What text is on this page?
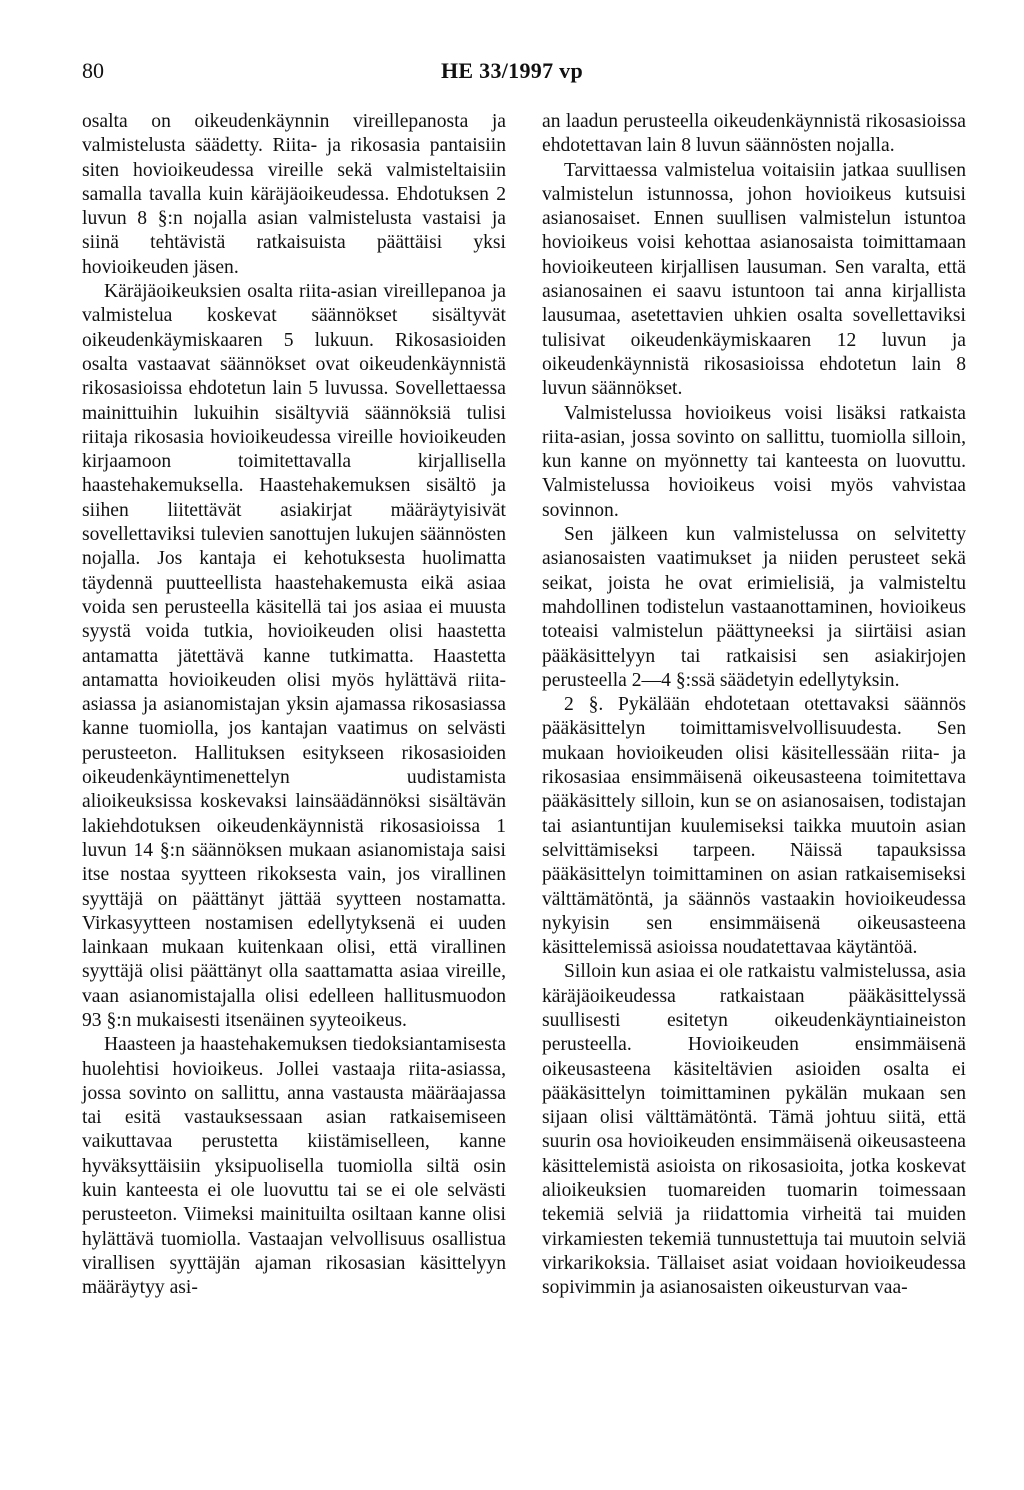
80	HE 33/1997 vp

osalta on oikeudenkäynnin vireillepanosta ja valmistelusta säädetty. Riita- ja rikosasia pantaisiin siten hovioikeudessa vireille sekä valmisteltaisiin samalla tavalla kuin käräjäoikeudessa. Ehdotuksen 2 luvun 8 §:n nojalla asian valmistelusta vastaisi ja siinä tehtävistä ratkaisuista päättäisi yksi hovioikeuden jäsen.

Käräjäoikeuksien osalta riita-asian vireillepanoa ja valmistelua koskevat säännökset sisältyvät oikeudenkäymiskaaren 5 lukuun. Rikosasioiden osalta vastaavat säännökset ovat oikeudenkäynnistä rikosasioissa ehdotetun lain 5 luvussa. Sovellettaessa mainittuihin lukuihin sisältyviä säännöksiä tulisi riitaja rikosasia hovioikeudessa vireille hovioikeuden kirjaamoon toimitettavalla kirjallisella haastehakemuksella. Haastehakemuksen sisältö ja siihen liitettävät asiakirjat määräytyisivät sovellettaviksi tulevien sanottujen lukujen säännösten nojalla. Jos kantaja ei kehotuksesta huolimatta täydennä puutteellista haastehakemusta eikä asiaa voida sen perusteella käsitellä tai jos asiaa ei muusta syystä voida tutkia, hovioikeuden olisi haastetta antamatta jätettävä kanne tutkimatta. Haastetta antamatta hovioikeuden olisi myös hylättävä riita-asiassa ja asianomistajan yksin ajamassa rikosasiassa kanne tuomiolla, jos kantajan vaatimus on selvästi perusteeton. Hallituksen esitykseen rikosasioiden oikeudenkäyntimenettelyn uudistamista alioikeuksissa koskevaksi lainsäädännöksi sisältävän lakiehdotuksen oikeudenkäynnistä rikosasioissa 1 luvun 14 §:n säännöksen mukaan asianomistaja saisi itse nostaa syytteen rikoksesta vain, jos virallinen syyttäjä on päättänyt jättää syytteen nostamatta. Virkasyytteen nostamisen edellytyksenä ei uuden lainkaan mukaan kuitenkaan olisi, että virallinen syyttäjä olisi päättänyt olla saattamatta asiaa vireille, vaan asianomistajalla olisi edelleen hallitusmuodon 93 §:n mukaisesti itsenäinen syyteoikeus.

Haasteen ja haastehakemuksen tiedoksiantamisesta huolehtisi hovioikeus. Jollei vastaaja riita-asiassa, jossa sovinto on sallittu, anna vastausta määräajassa tai esitä vastauksessaan asian ratkaisemiseen vaikuttavaa perustetta kiistämiselleen, kanne hyväksyttäisiin yksipuolisella tuomiolla siltä osin kuin kanteesta ei ole luovuttu tai se ei ole selvästi perusteeton. Viimeksi mainituilta osiltaan kanne olisi hylättävä tuomiolla. Vastaajan velvollisuus osallistua virallisen syyttäjän ajaman rikosasian käsittelyyn määräytyy asi-

an laadun perusteella oikeudenkäynnistä rikosasioissa ehdotettavan lain 8 luvun säännösten nojalla.

Tarvittaessa valmistelua voitaisiin jatkaa suullisen valmistelun istunnossa, johon hovioikeus kutsuisi asianosaiset. Ennen suullisen valmistelun istuntoa hovioikeus voisi kehottaa asianosaista toimittamaan hovioikeuteen kirjallisen lausuman. Sen varalta, että asianosainen ei saavu istuntoon tai anna kirjallista lausumaa, asetettavien uhkien osalta sovellettaviksi tulisivat oikeudenkäymiskaaren 12 luvun ja oikeudenkäynnistä rikosasioissa ehdotetun lain 8 luvun säännökset.

Valmistelussa hovioikeus voisi lisäksi ratkaista riita-asian, jossa sovinto on sallittu, tuomiolla silloin, kun kanne on myönnetty tai kanteesta on luovuttu. Valmistelussa hovioikeus voisi myös vahvistaa sovinnon.

Sen jälkeen kun valmistelussa on selvitetty asianosaisten vaatimukset ja niiden perusteet sekä seikat, joista he ovat erimielisiä, ja valmisteltu mahdollinen todistelun vastaanottaminen, hovioikeus toteaisi valmistelun päättyneeksi ja siirtäisi asian pääkäsittelyyn tai ratkaisisi sen asiakirjojen perusteella 2—4 §:ssä säädetyin edellytyksin.

2 §. Pykälään ehdotetaan otettavaksi säännös pääkäsittelyn toimittamisvelvollisuudesta. Sen mukaan hovioikeuden olisi käsitellessään riita- ja rikosasiaa ensimmäisenä oikeusasteena toimitettava pääkäsittely silloin, kun se on asianosaisen, todistajan tai asiantuntijan kuulemiseksi taikka muutoin asian selvittämiseksi tarpeen. Näissä tapauksissa pääkäsittelyn toimittaminen on asian ratkaisemiseksi välttämätöntä, ja säännös vastaakin hovioikeudessa nykyisin sen ensimmäisenä oikeusasteena käsittelemissä asioissa noudatettavaa käytäntöä.

Silloin kun asiaa ei ole ratkaistu valmistelussa, asia käräjäoikeudessa ratkaistaan pääkäsittelyssä suullisesti esitetyn oikeudenkäyntiaineiston perusteella. Hovioikeuden ensimmäisenä oikeusasteena käsiteltävien asioiden osalta ei pääkäsittelyn toimittaminen pykälän mukaan sen sijaan olisi välttämätöntä. Tämä johtuu siitä, että suurin osa hovioikeuden ensimmäisenä oikeusasteena käsittelemistä asioista on rikosasioita, jotka koskevat alioikeuksien tuomareiden tuomarin toimessaan tekemiä selviä ja riidattomia virheitä tai muiden virkamiesten tekemiä tunnustettuja tai muutoin selviä virkarikoksia. Tällaiset asiat voidaan hovioikeudessa sopivimmin ja asianosaisten oikeusturvan vaa-
